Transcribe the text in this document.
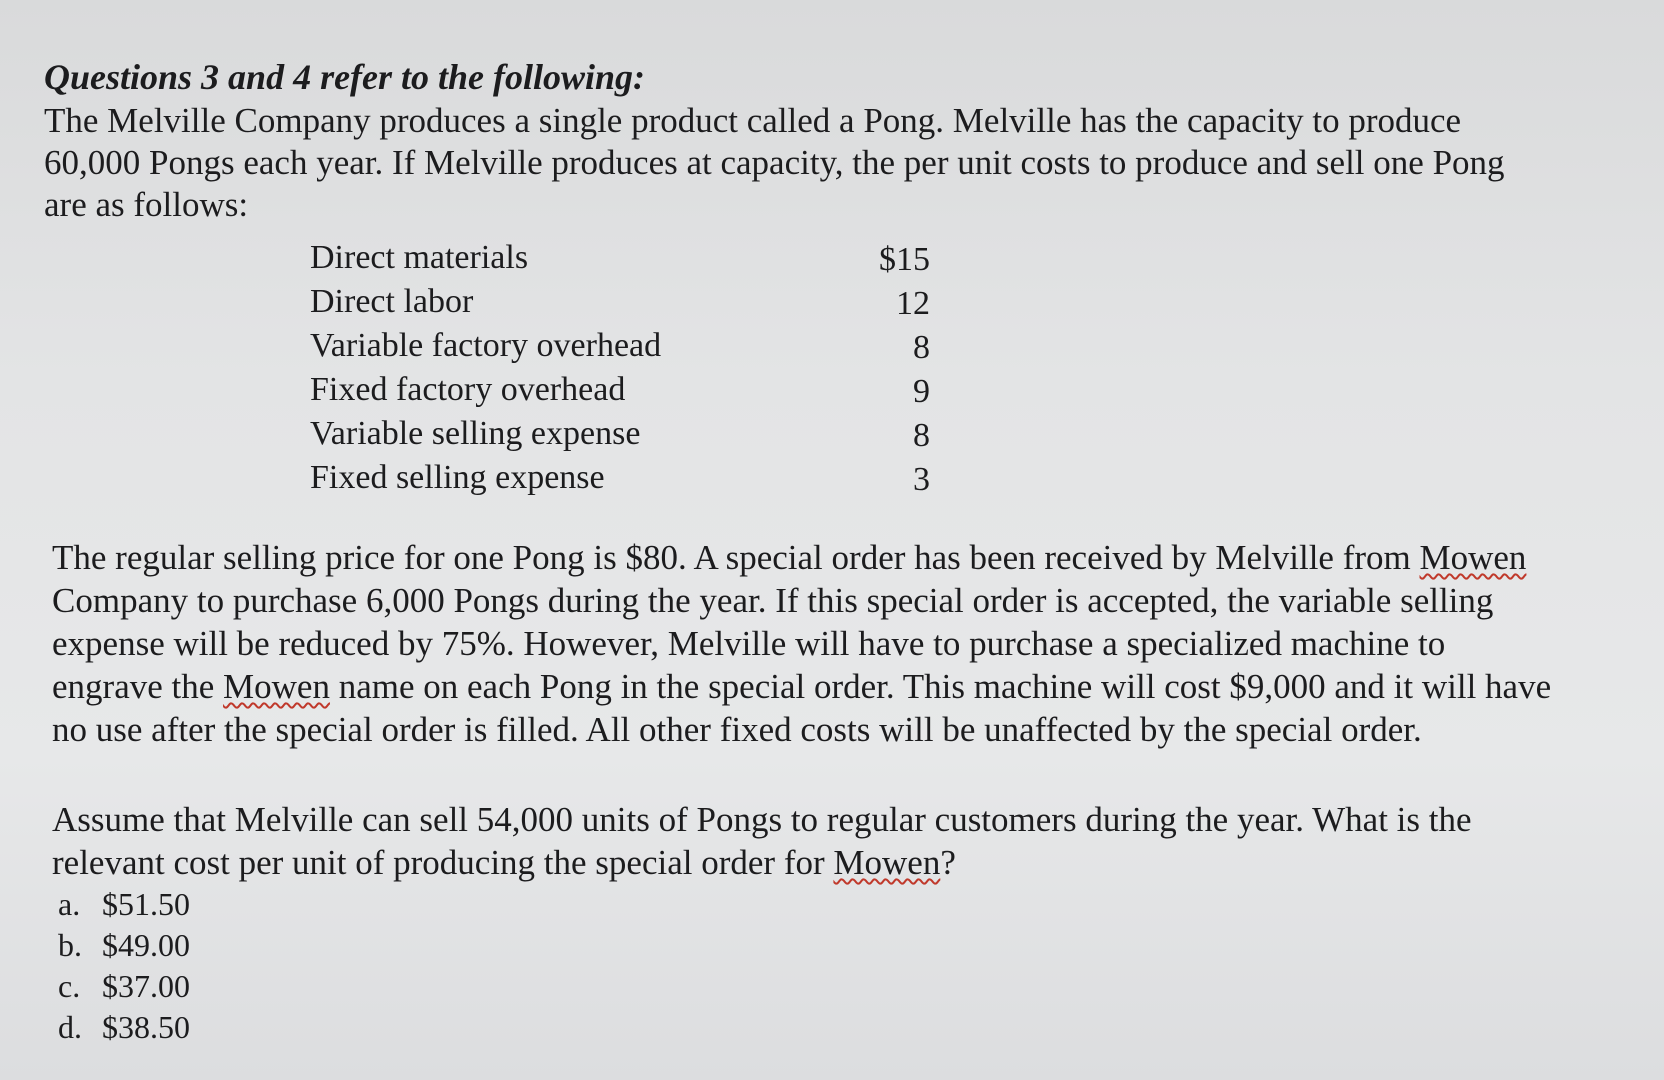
Questions 3 and 4 refer to the following:
The Melville Company produces a single product called a Pong. Melville has the capacity to produce
60,000 Pongs each year. If Melville produces at capacity, the per unit costs to produce and sell one Pong
are as follows:
Direct materials	$15
Direct labor	12
Variable factory overhead	8
Fixed factory overhead	9
Variable selling expense	8
Fixed selling expense	3
The regular selling price for one Pong is $80. A special order has been received by Melville from Mowen
Company to purchase 6,000 Pongs during the year. If this special order is accepted, the variable selling
expense will be reduced by 75%. However, Melville will have to purchase a specialized machine to
engrave the Mowen name on each Pong in the special order. This machine will cost $9,000 and it will have
no use after the special order is filled. All other fixed costs will be unaffected by the special order.
Assume that Melville can sell 54,000 units of Pongs to regular customers during the year. What is the
relevant cost per unit of producing the special order for Mowen?
a. $51.50
b. $49.00
c. $37.00
d. $38.50
